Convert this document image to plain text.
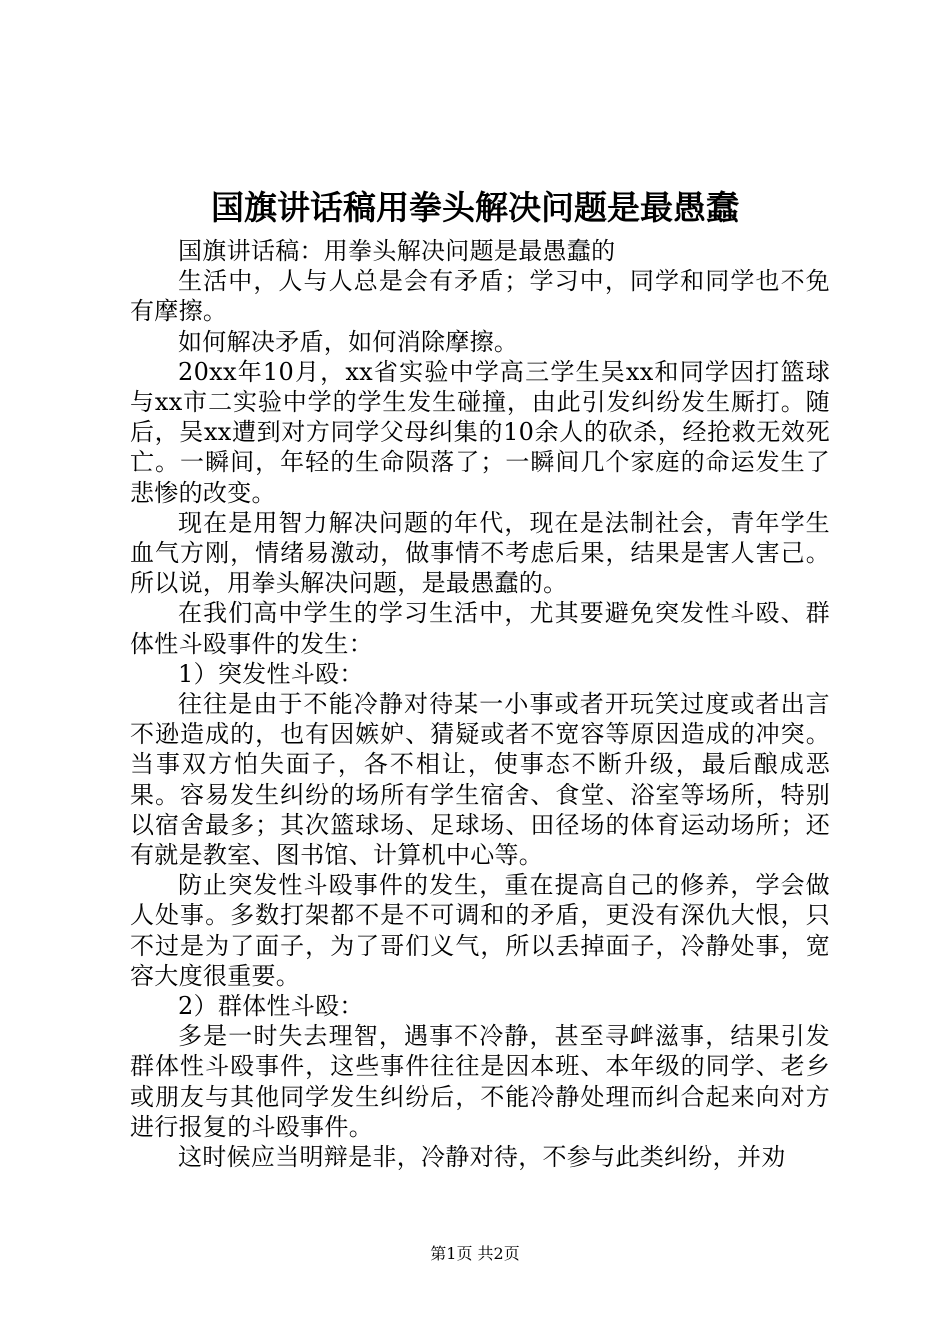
国旗讲话稿用拳头解决问题是最愚蠢

国旗讲话稿：用拳头解决问题是最愚蠢的

生活中，人与人总是会有矛盾；学习中，同学和同学也不免有摩擦。

如何解决矛盾，如何消除摩擦。

20xx年10月，xx省实验中学高三学生吴xx和同学因打篮球与xx市二实验中学的学生发生碰撞，由此引发纠纷发生厮打。随后，吴xx遭到对方同学父母纠集的10余人的砍杀，经抢救无效死亡。一瞬间，年轻的生命陨落了；一瞬间几个家庭的命运发生了悲惨的改变。

现在是用智力解决问题的年代，现在是法制社会，青年学生血气方刚，情绪易激动，做事情不考虑后果，结果是害人害己。所以说，用拳头解决问题，是最愚蠢的。

在我们高中学生的学习生活中，尤其要避免突发性斗殴、群体性斗殴事件的发生：

1）突发性斗殴：

往往是由于不能冷静对待某一小事或者开玩笑过度或者出言不逊造成的，也有因嫉妒、猜疑或者不宽容等原因造成的冲突。当事双方怕失面子，各不相让，使事态不断升级，最后酿成恶果。容易发生纠纷的场所有学生宿舍、食堂、浴室等场所，特别以宿舍最多；其次篮球场、足球场、田径场的体育运动场所；还有就是教室、图书馆、计算机中心等。

防止突发性斗殴事件的发生，重在提高自己的修养，学会做人处事。多数打架都不是不可调和的矛盾，更没有深仇大恨，只不过是为了面子，为了哥们义气，所以丢掉面子，冷静处事，宽容大度很重要。

2）群体性斗殴：

多是一时失去理智，遇事不冷静，甚至寻衅滋事，结果引发群体性斗殴事件，这些事件往往是因本班、本年级的同学、老乡或朋友与其他同学发生纠纷后，不能冷静处理而纠合起来向对方进行报复的斗殴事件。

这时候应当明辩是非，冷静对待，不参与此类纠纷，并劝

第1页 共2页
